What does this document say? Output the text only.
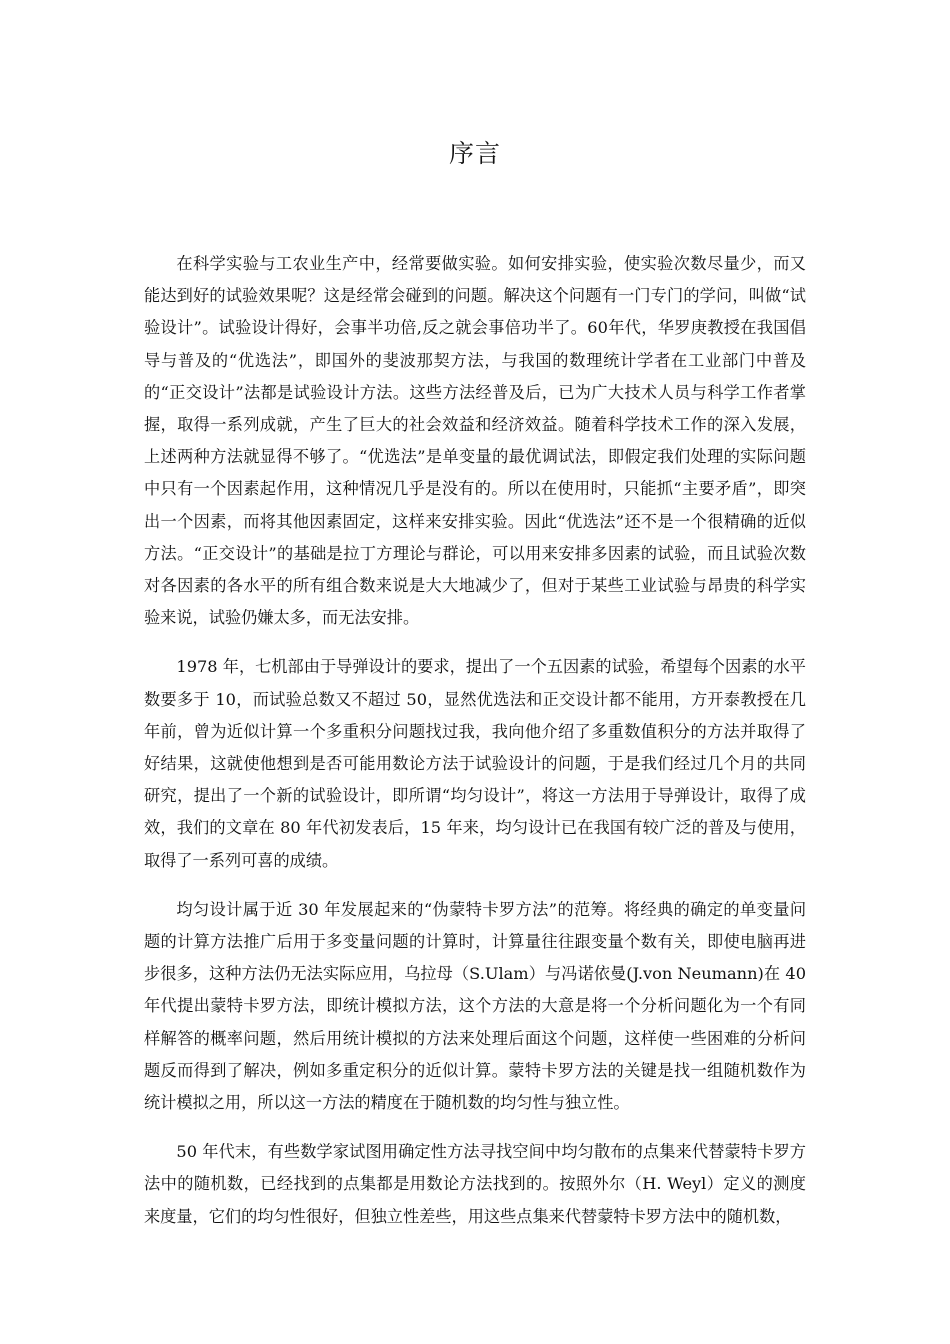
序言

在科学实验与工农业生产中，经常要做实验。如何安排实验，使实验次数尽量少，而又能达到好的试验效果呢？这是经常会碰到的问题。解决这个问题有一门专门的学问，叫做“试验设计”。试验设计得好，会事半功倍,反之就会事倍功半了。60年代，华罗庚教授在我国倡导与普及的“优选法”，即国外的斐波那契方法，与我国的数理统计学者在工业部门中普及的“正交设计”法都是试验设计方法。这些方法经普及后，已为广大技术人员与科学工作者掌握，取得一系列成就，产生了巨大的社会效益和经济效益。随着科学技术工作的深入发展，上述两种方法就显得不够了。“优选法”是单变量的最优调试法，即假定我们处理的实际问题中只有一个因素起作用，这种情况几乎是没有的。所以在使用时，只能抓“主要矛盾”，即突出一个因素，而将其他因素固定，这样来安排实验。因此“优选法”还不是一个很精确的近似方法。“正交设计”的基础是拉丁方理论与群论，可以用来安排多因素的试验，而且试验次数对各因素的各水平的所有组合数来说是大大地减少了，但对于某些工业试验与昂贵的科学实验来说，试验仍嫌太多，而无法安排。

1978 年，七机部由于导弹设计的要求，提出了一个五因素的试验，希望每个因素的水平数要多于 10，而试验总数又不超过 50，显然优选法和正交设计都不能用，方开泰教授在几年前，曾为近似计算一个多重积分问题找过我，我向他介绍了多重数值积分的方法并取得了好结果，这就使他想到是否可能用数论方法于试验设计的问题，于是我们经过几个月的共同研究，提出了一个新的试验设计，即所谓“均匀设计”，将这一方法用于导弹设计，取得了成效，我们的文章在 80 年代初发表后，15 年来，均匀设计已在我国有较广泛的普及与使用，取得了一系列可喜的成绩。

均匀设计属于近 30 年发展起来的“伪蒙特卡罗方法”的范筹。将经典的确定的单变量问题的计算方法推广后用于多变量问题的计算时，计算量往往跟变量个数有关，即使电脑再进步很多，这种方法仍无法实际应用，乌拉母（S.Ulam）与冯诺依曼(J.von Neumann)在 40 年代提出蒙特卡罗方法，即统计模拟方法，这个方法的大意是将一个分析问题化为一个有同样解答的概率问题，然后用统计模拟的方法来处理后面这个问题，这样使一些困难的分析问题反而得到了解决，例如多重定积分的近似计算。蒙特卡罗方法的关键是找一组随机数作为统计模拟之用，所以这一方法的精度在于随机数的均匀性与独立性。

50 年代末，有些数学家试图用确定性方法寻找空间中均匀散布的点集来代替蒙特卡罗方法中的随机数，已经找到的点集都是用数论方法找到的。按照外尔（H. Weyl）定义的测度来度量，它们的均匀性很好，但独立性差些，用这些点集来代替蒙特卡罗方法中的随机数，
